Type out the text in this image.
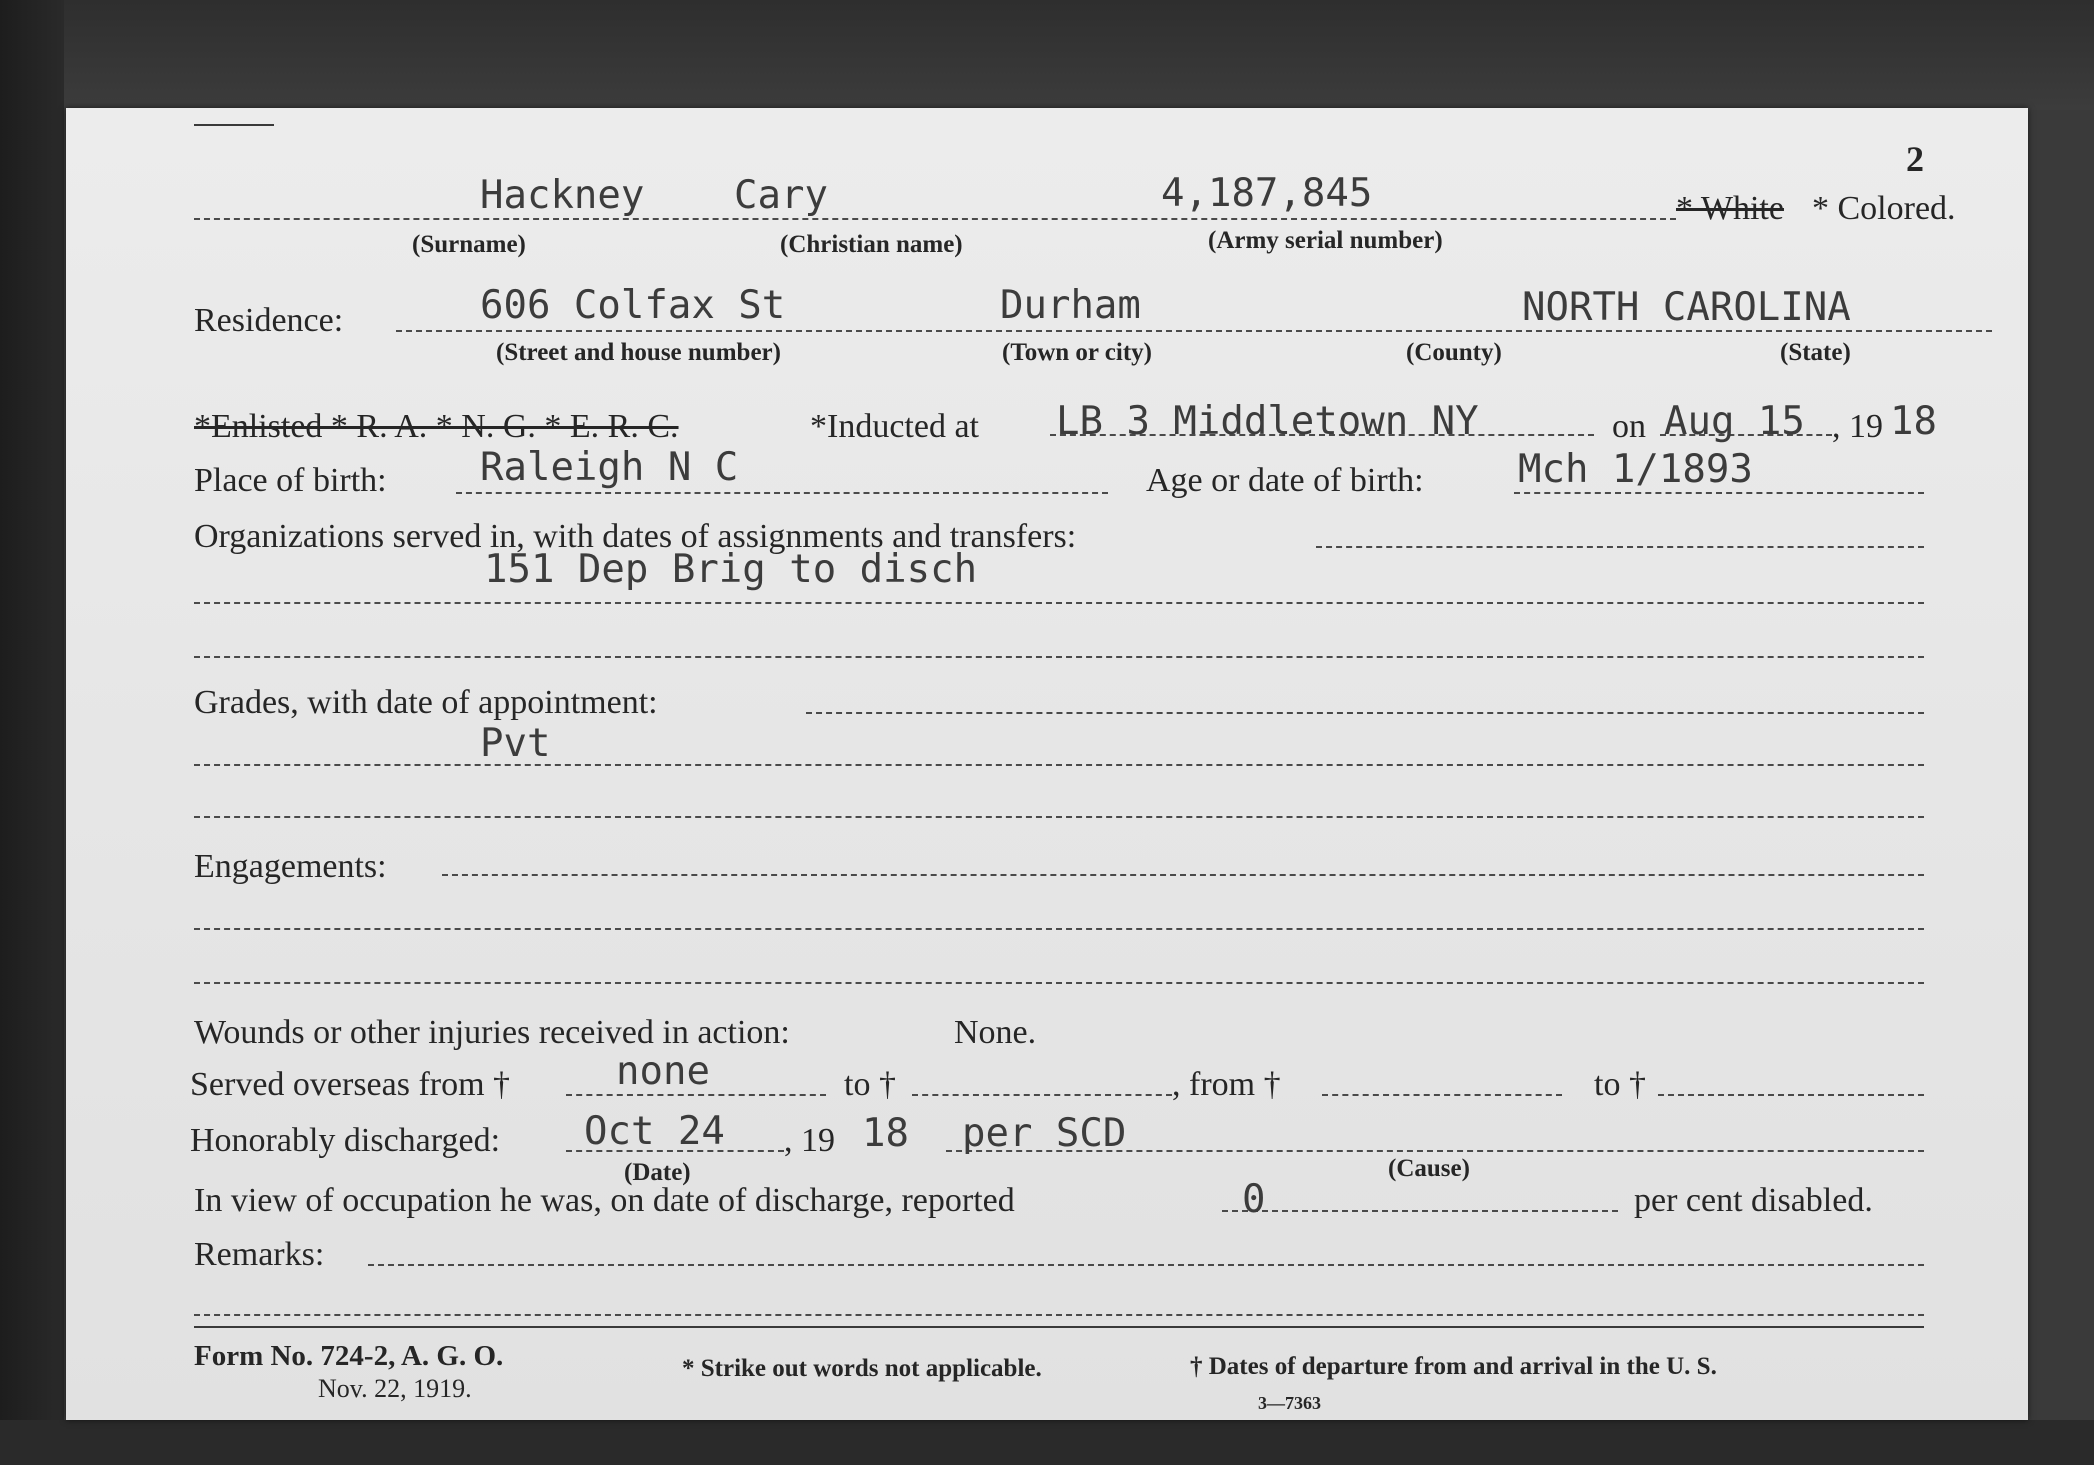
2
Hackney Cary	4,187,845	* White * Colored.
(Surname)	(Christian name)	(Army serial number)
Residence:	606 Colfax St	Durham	NORTH CAROLINA
(Street and house number)	(Town or city)	(County)	(State)
*Enlisted * R. A. * N. G. * E. R. C.	*Inducted at LB 3 Middletown NY	on Aug 15 , 19 18
Place of birth: Raleigh N C	Age or date of birth: Mch 1/1893
Organizations served in, with dates of assignments and transfers:
151 Dep Brig to disch
Grades, with date of appointment:
Pvt
Engagements:
Wounds or other injuries received in action:	None.
Served overseas from †	none	to †	, from †	to †
Honorably discharged: Oct 24 , 19 18 per SCD
(Date)	(Cause)
In view of occupation he was, on date of discharge, reported	0	per cent disabled.
Remarks:
Form No. 724-2, A. G. O.
Nov. 22, 1919.
* Strike out words not applicable.	† Dates of departure from and arrival in the U. S.
3—7363
